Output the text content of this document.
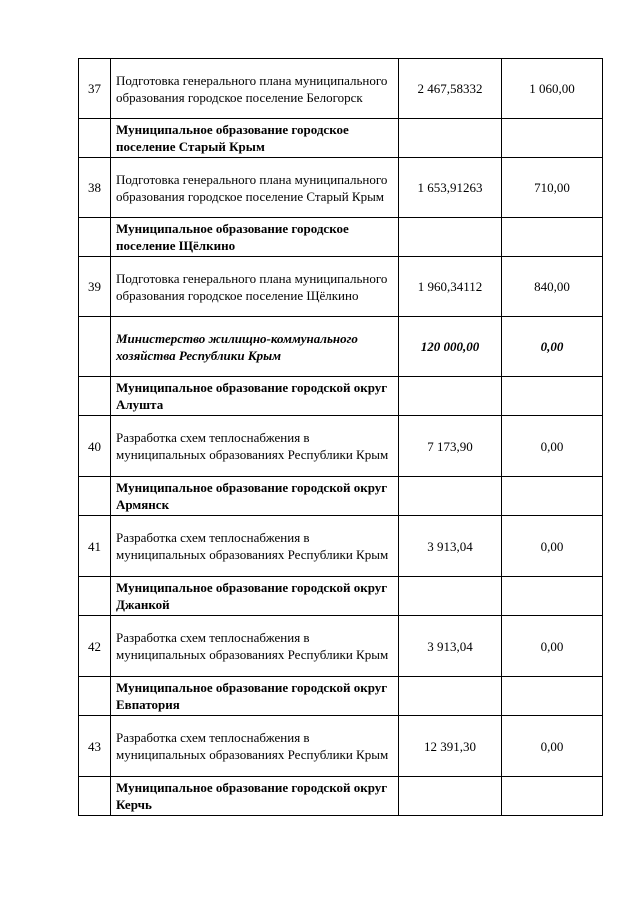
37	Подготовка генерального плана муниципального образования городское поселение Белогорск	2 467,58332	1 060,00
	Муниципальное образование городское поселение Старый Крым		
38	Подготовка генерального плана муниципального образования городское поселение Старый Крым	1 653,91263	710,00
	Муниципальное образование городское поселение Щёлкино		
39	Подготовка генерального плана муниципального образования городское поселение Щёлкино	1 960,34112	840,00
	Министерство жилищно-коммунального хозяйства Республики Крым	120 000,00	0,00
	Муниципальное образование городской округ Алушта		
40	Разработка схем теплоснабжения в муниципальных образованиях Республики Крым	7 173,90	0,00
	Муниципальное образование городской округ Армянск		
41	Разработка схем теплоснабжения в муниципальных образованиях Республики Крым	3 913,04	0,00
	Муниципальное образование городской округ Джанкой		
42	Разработка схем теплоснабжения в муниципальных образованиях Республики Крым	3 913,04	0,00
	Муниципальное образование городской округ Евпатория		
43	Разработка схем теплоснабжения в муниципальных образованиях Республики Крым	12 391,30	0,00
	Муниципальное образование городской округ Керчь		
